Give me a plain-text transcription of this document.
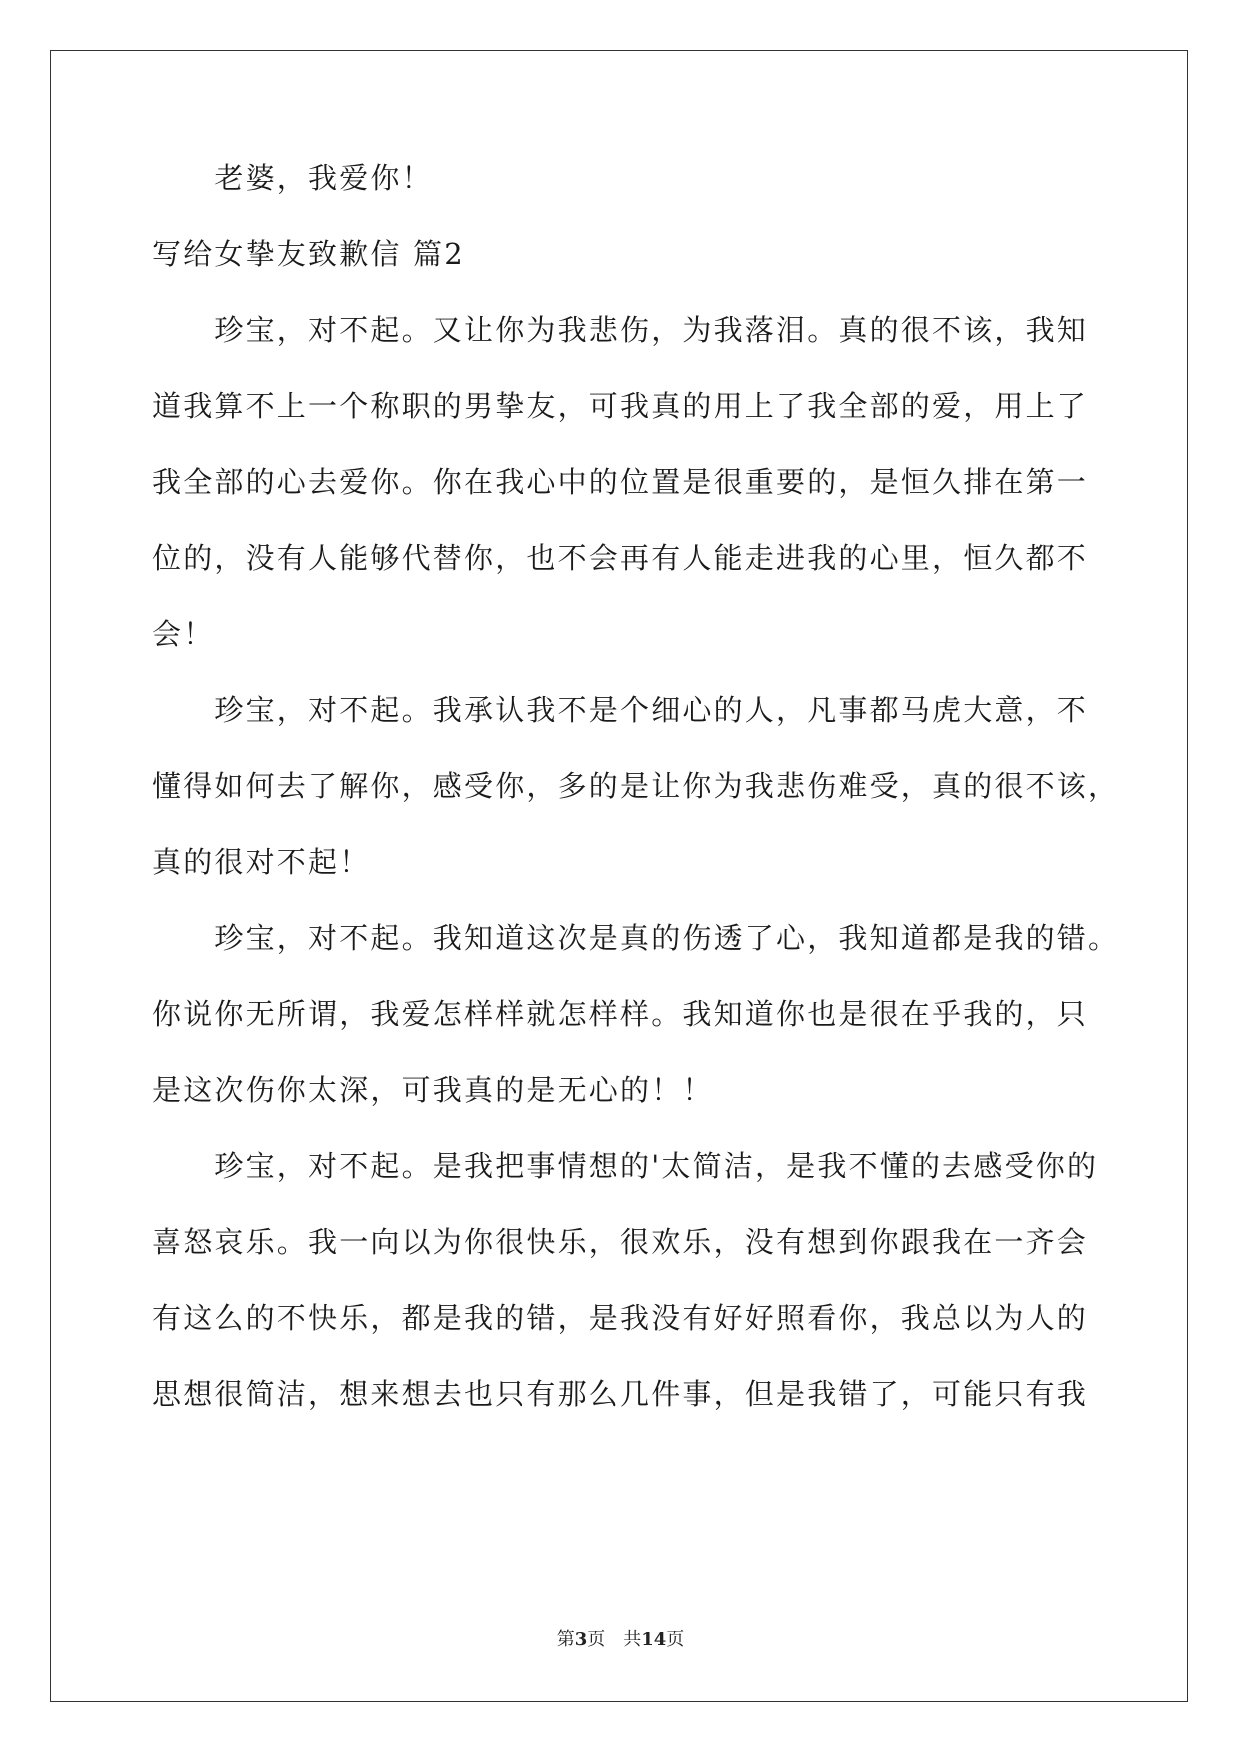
　　老婆，我爱你！
写给女挚友致歉信 篇2
　　珍宝，对不起。又让你为我悲伤，为我落泪。真的很不该，我知
道我算不上一个称职的男挚友，可我真的用上了我全部的爱，用上了
我全部的心去爱你。你在我心中的位置是很重要的，是恒久排在第一
位的，没有人能够代替你，也不会再有人能走进我的心里，恒久都不
会！
　　珍宝，对不起。我承认我不是个细心的人，凡事都马虎大意，不
懂得如何去了解你，感受你，多的是让你为我悲伤难受，真的很不该，
真的很对不起！
　　珍宝，对不起。我知道这次是真的伤透了心，我知道都是我的错。
你说你无所谓，我爱怎样样就怎样样。我知道你也是很在乎我的，只
是这次伤你太深，可我真的是无心的！！
　　珍宝，对不起。是我把事情想的'太简洁，是我不懂的去感受你的
喜怒哀乐。我一向以为你很快乐，很欢乐，没有想到你跟我在一齐会
有这么的不快乐，都是我的错，是我没有好好照看你，我总以为人的
思想很简洁，想来想去也只有那么几件事，但是我错了，可能只有我
第3页 共14页
